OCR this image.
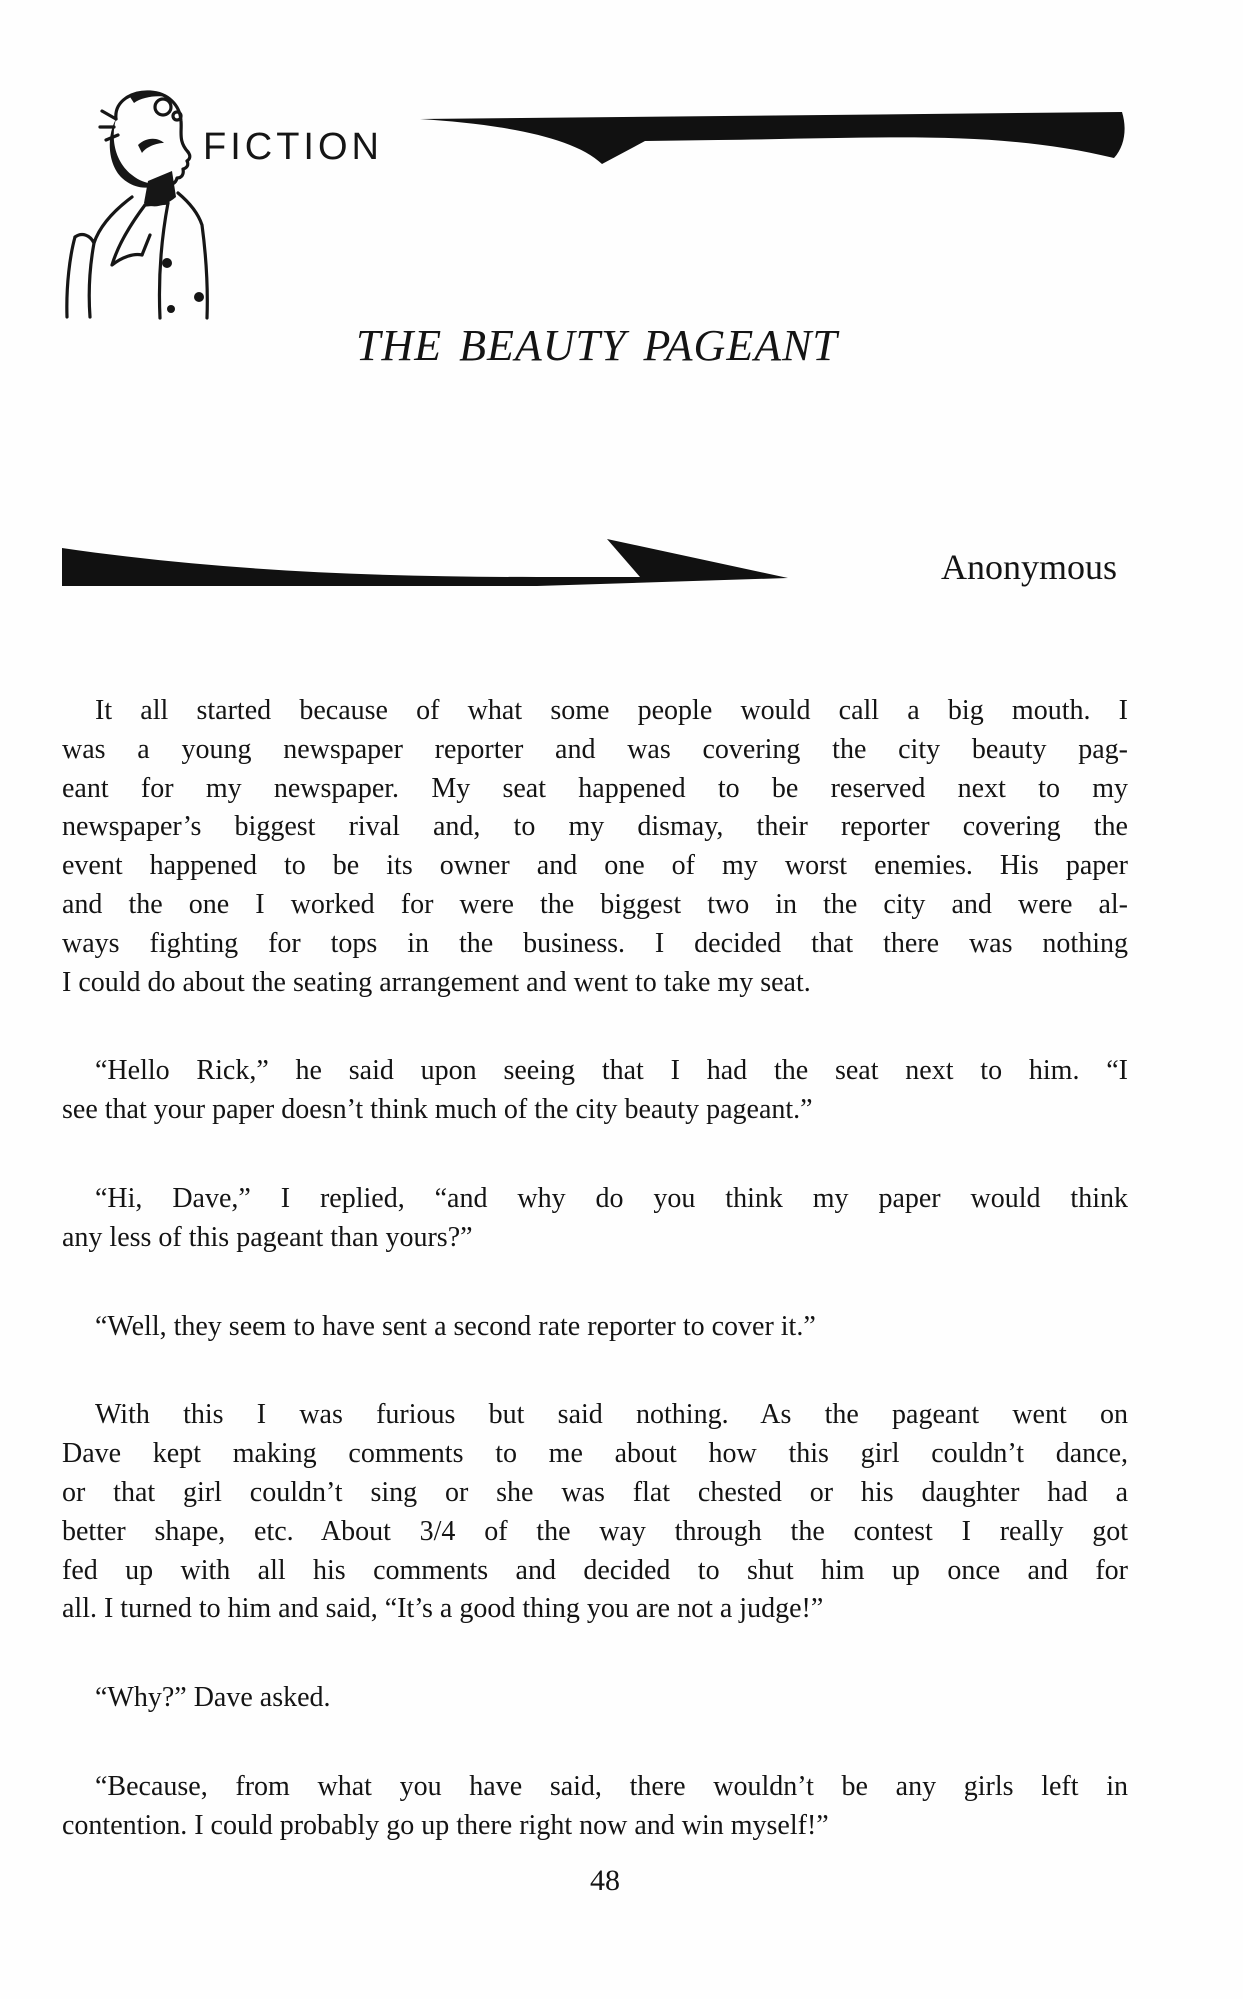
FICTION
THE BEAUTY PAGEANT
Anonymous
It all started because of what some people would call a big mouth. I
was a young newspaper reporter and was covering the city beauty pag-
eant for my newspaper. My seat happened to be reserved next to my
newspaper’s biggest rival and, to my dismay, their reporter covering the
event happened to be its owner and one of my worst enemies. His paper
and the one I worked for were the biggest two in the city and were al-
ways fighting for tops in the business. I decided that there was nothing
I could do about the seating arrangement and went to take my seat.
“Hello Rick,” he said upon seeing that I had the seat next to him. “I
see that your paper doesn’t think much of the city beauty pageant.”
“Hi, Dave,” I replied, “and why do you think my paper would think
any less of this pageant than yours?”
“Well, they seem to have sent a second rate reporter to cover it.”
With this I was furious but said nothing. As the pageant went on
Dave kept making comments to me about how this girl couldn’t dance,
or that girl couldn’t sing or she was flat chested or his daughter had a
better shape, etc. About 3/4 of the way through the contest I really got
fed up with all his comments and decided to shut him up once and for
all. I turned to him and said, “It’s a good thing you are not a judge!”
“Why?” Dave asked.
“Because, from what you have said, there wouldn’t be any girls left in
contention. I could probably go up there right now and win myself!”
48
